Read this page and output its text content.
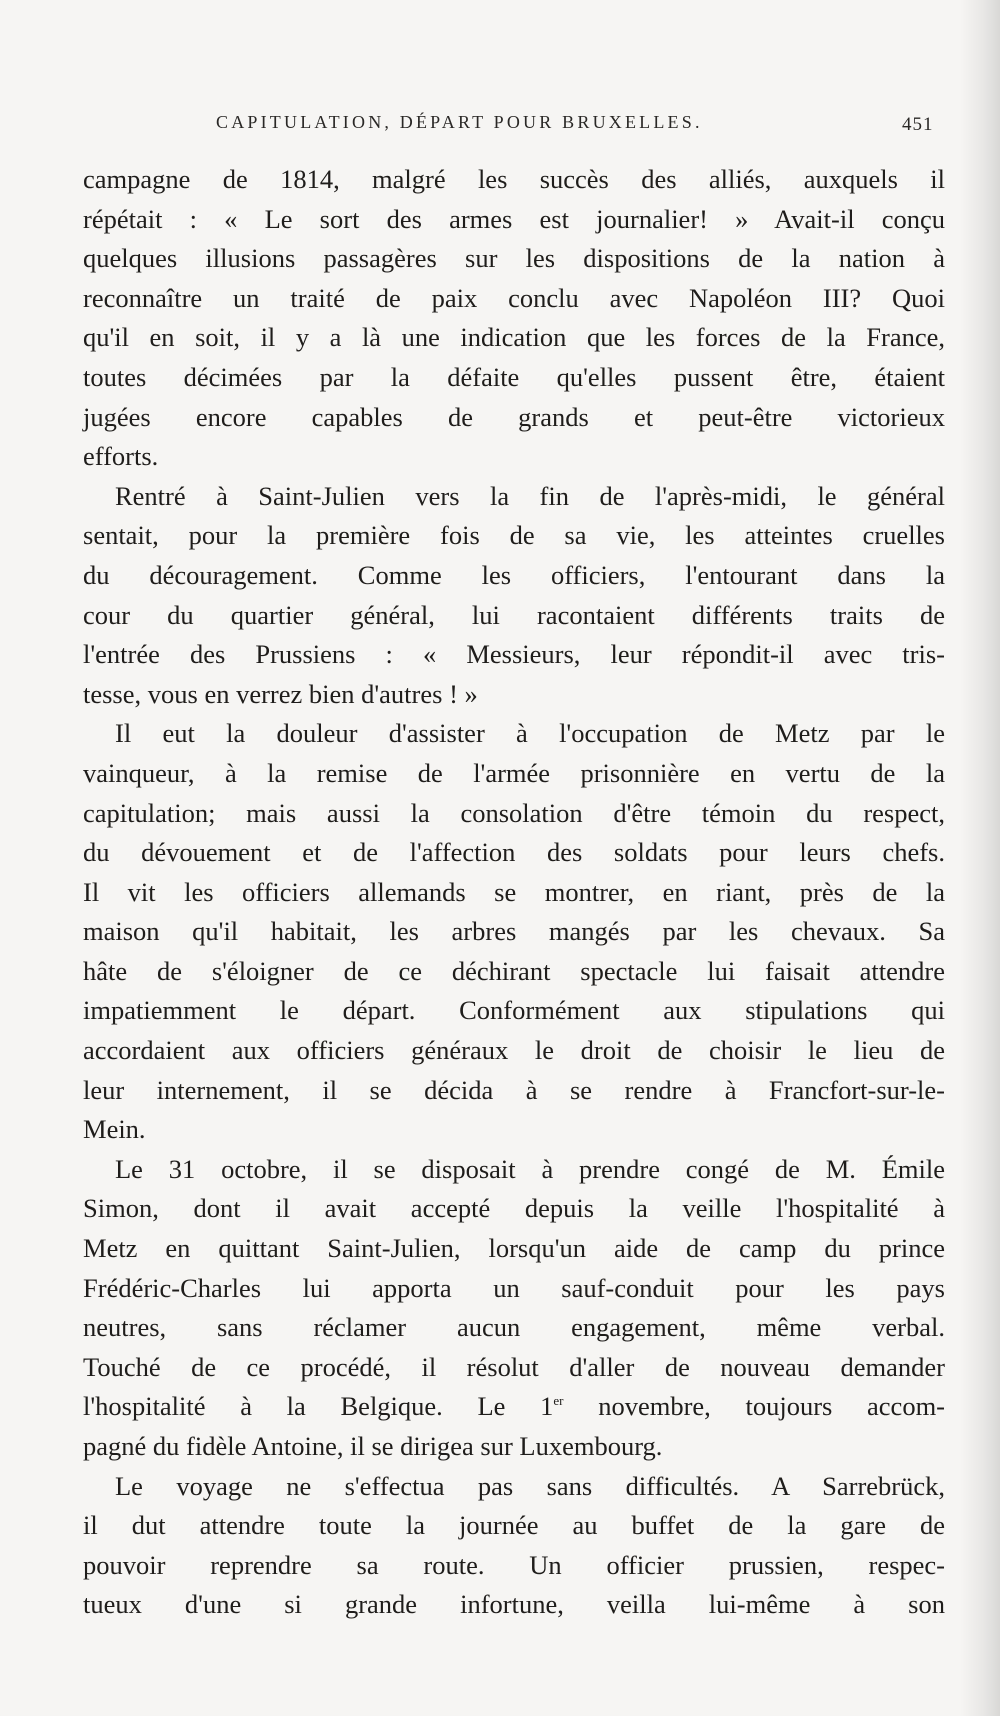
CAPITULATION, DÉPART POUR BRUXELLES.	451
campagne de 1814, malgré les succès des alliés, auxquels il
répétait : « Le sort des armes est journalier! » Avait-il conçu
quelques illusions passagères sur les dispositions de la nation à
reconnaître un traité de paix conclu avec Napoléon III? Quoi
qu'il en soit, il y a là une indication que les forces de la France,
toutes décimées par la défaite qu'elles pussent être, étaient
jugées encore capables de grands et peut-être victorieux
efforts.
Rentré à Saint-Julien vers la fin de l'après-midi, le général
sentait, pour la première fois de sa vie, les atteintes cruelles
du découragement. Comme les officiers, l'entourant dans la
cour du quartier général, lui racontaient différents traits de
l'entrée des Prussiens : « Messieurs, leur répondit-il avec tris-
tesse, vous en verrez bien d'autres ! »
Il eut la douleur d'assister à l'occupation de Metz par le
vainqueur, à la remise de l'armée prisonnière en vertu de la
capitulation; mais aussi la consolation d'être témoin du respect,
du dévouement et de l'affection des soldats pour leurs chefs.
Il vit les officiers allemands se montrer, en riant, près de la
maison qu'il habitait, les arbres mangés par les chevaux. Sa
hâte de s'éloigner de ce déchirant spectacle lui faisait attendre
impatiemment le départ. Conformément aux stipulations qui
accordaient aux officiers généraux le droit de choisir le lieu de
leur internement, il se décida à se rendre à Francfort-sur-le-
Mein.
Le 31 octobre, il se disposait à prendre congé de M. Émile
Simon, dont il avait accepté depuis la veille l'hospitalité à
Metz en quittant Saint-Julien, lorsqu'un aide de camp du prince
Frédéric-Charles lui apporta un sauf-conduit pour les pays
neutres, sans réclamer aucun engagement, même verbal.
Touché de ce procédé, il résolut d'aller de nouveau demander
l'hospitalité à la Belgique. Le 1er novembre, toujours accom-
pagné du fidèle Antoine, il se dirigea sur Luxembourg.
Le voyage ne s'effectua pas sans difficultés. A Sarrebrück,
il dut attendre toute la journée au buffet de la gare de
pouvoir reprendre sa route. Un officier prussien, respec-
tueux d'une si grande infortune, veilla lui-même à son
